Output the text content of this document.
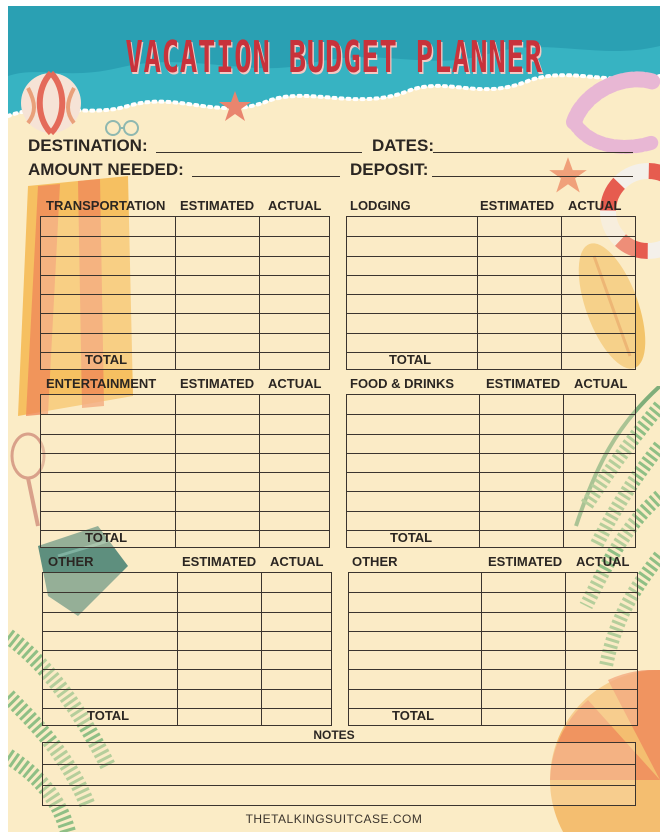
VACATION BUDGET PLANNER
DESTINATION:	DATES:
AMOUNT NEEDED:	DEPOSIT:
TRANSPORTATION ESTIMATED ACTUAL
TOTAL
LODGING	ESTIMATED ACTUAL
TOTAL
ENTERTAINMENT ESTIMATED ACTUAL
TOTAL
FOOD & DRINKS ESTIMATED ACTUAL
TOTAL
OTHER	ESTIMATED ACTUAL
TOTAL
OTHER	ESTIMATED ACTUAL
TOTAL
NOTES
THETALKINGSUITCASE.COM
